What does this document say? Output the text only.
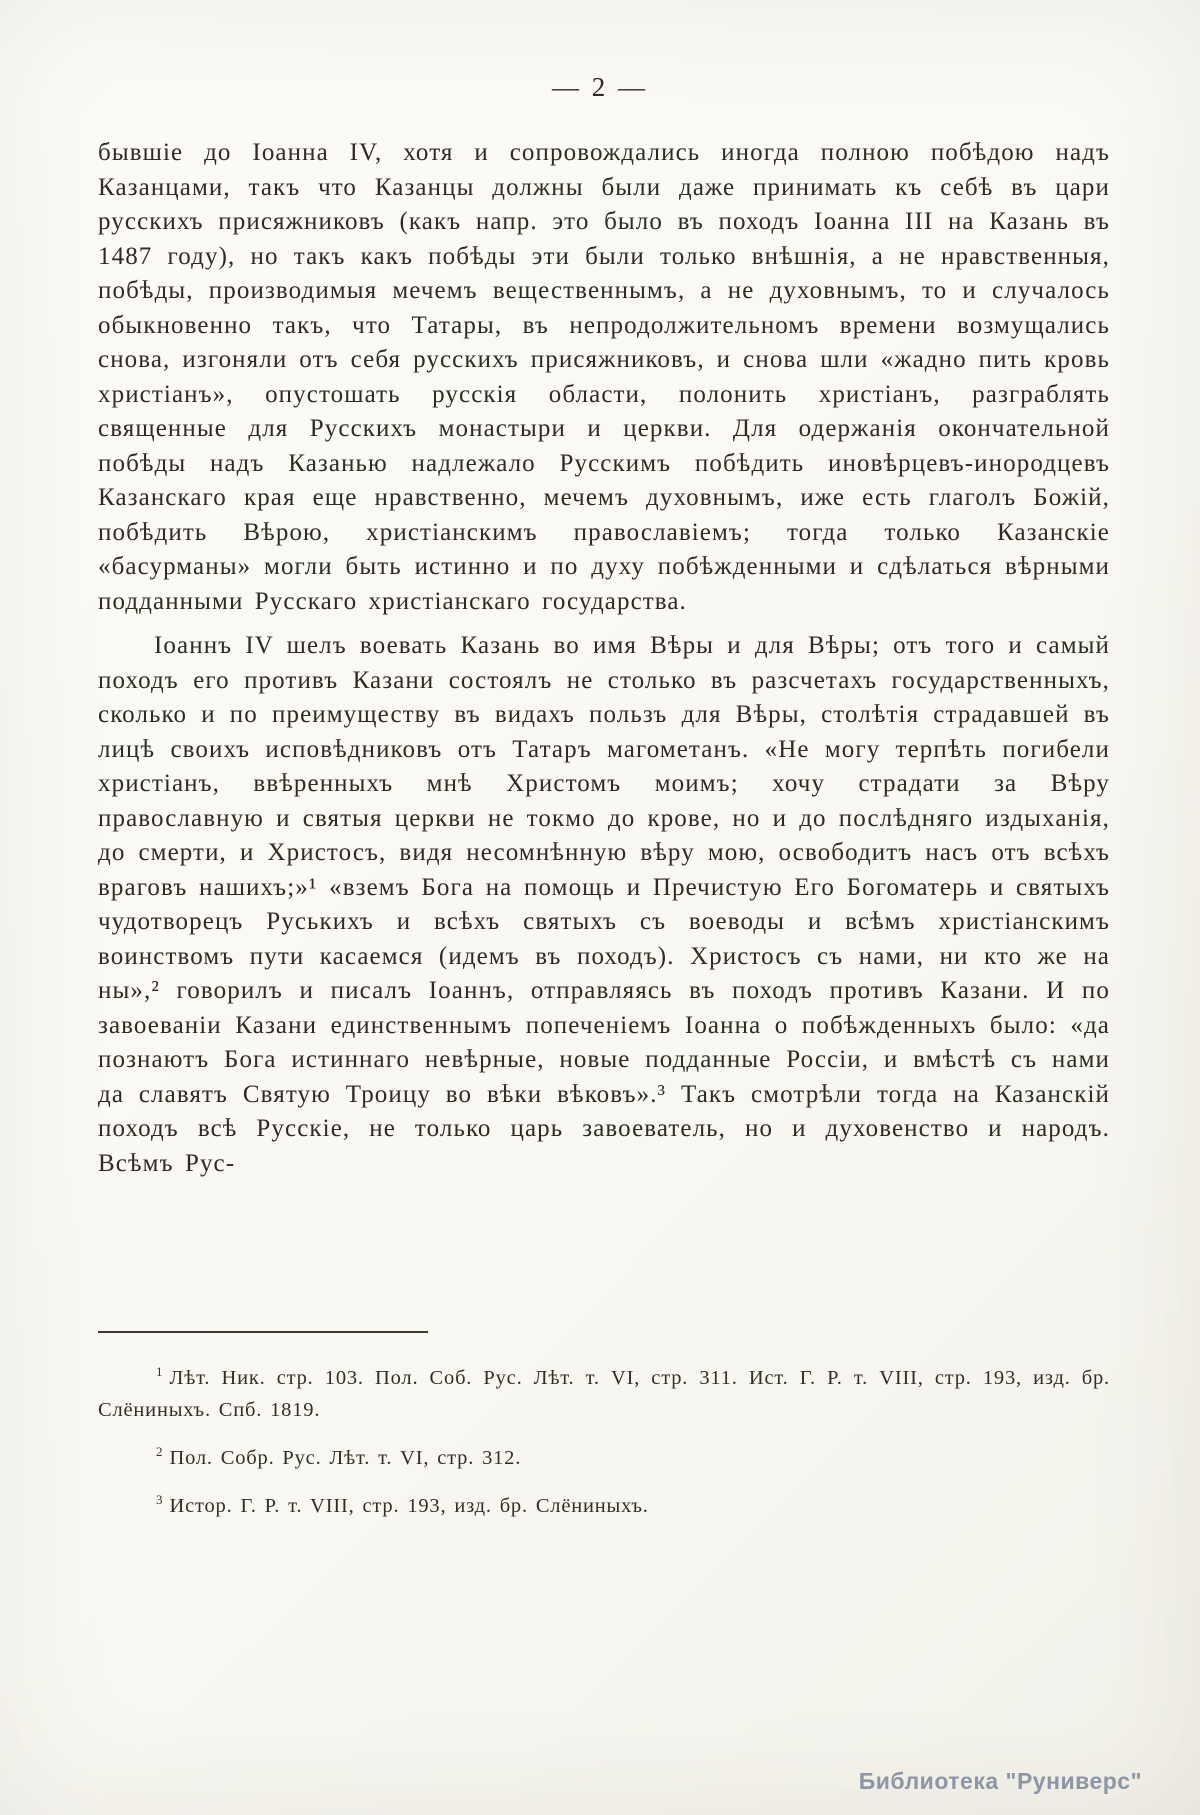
— 2 —

бывшіе до Іоанна IV, хотя и сопровождались иногда полною побѣдою надъ Казанцами, такъ что Казанцы должны были даже принимать къ себѣ въ цари русскихъ присяжниковъ (какъ напр. это было въ походъ Іоанна III на Казань въ 1487 году), но такъ какъ побѣды эти были только внѣшнія, а не нравственныя, побѣды, производимыя мечемъ вещественнымъ, а не духовнымъ, то и случалось обыкновенно такъ, что Татары, въ непродолжительномъ времени возмущались снова, изгоняли отъ себя русскихъ присяжниковъ, и снова шли «жадно пить кровь христіанъ», опустошать русскія области, полонить христіанъ, разграблять священные для Русскихъ монастыри и церкви. Для одержанія окончательной побѣды надъ Казанью надлежало Русскимъ побѣдить иновѣрцевъ-инородцевъ Казанскаго края еще нравственно, мечемъ духовнымъ, иже есть глаголъ Божій, побѣдить Вѣрою, христіанскимъ православіемъ; тогда только Казанскіе «басурманы» могли быть истинно и по духу побѣжденными и сдѣлаться вѣрными подданными Русскаго христіанскаго государства.

Іоаннъ IV шелъ воевать Казань во имя Вѣры и для Вѣры; отъ того и самый походъ его противъ Казани состоялъ не столько въ разсчетахъ государственныхъ, сколько и по преимуществу въ видахъ пользъ для Вѣры, столѣтія страдавшей въ лицѣ своихъ исповѣдниковъ отъ Татаръ магометанъ. «Не могу терпѣть погибели христіанъ, ввѣренныхъ мнѣ Христомъ моимъ; хочу страдати за Вѣру православную и святыя церкви не токмо до крове, но и до послѣдняго издыханія, до смерти, и Христосъ, видя несомнѣнную вѣру мою, освободитъ насъ отъ всѣхъ враговъ нашихъ;»¹ «вземъ Бога на помощь и Пречистую Его Богоматерь и святыхъ чудотворецъ Руськихъ и всѣхъ святыхъ съ воеводы и всѣмъ христіанскимъ воинствомъ пути касаемся (идемъ въ походъ). Христосъ съ нами, ни кто же на ны»,² говорилъ и писалъ Іоаннъ, отправляясь въ походъ противъ Казани. И по завоеваніи Казани единственнымъ попеченіемъ Іоанна о побѣжденныхъ было: «да познаютъ Бога истиннаго невѣрные, новые подданные Россіи, и вмѣстѣ съ нами да славятъ Святую Троицу во вѣки вѣковъ».³ Такъ смотрѣли тогда на Казанскій походъ всѣ Русскіе, не только царь завоеватель, но и духовенство и народъ. Всѣмъ Рус-

$^1$ Лѣт. Ник. стр. 103. Пол. Соб. Рус. Лѣт. т. VI, стр. 311. Ист. Г. Р. т. VIII, стр. 193, изд. бр. Слёниныхъ. Спб. 1819.

$^2$ Пол. Собр. Рус. Лѣт. т. VI, стр. 312.

$^3$ Истор. Г. Р. т. VIII, стр. 193, изд. бр. Слёниныхъ.

Библиотека "Руниверс"
